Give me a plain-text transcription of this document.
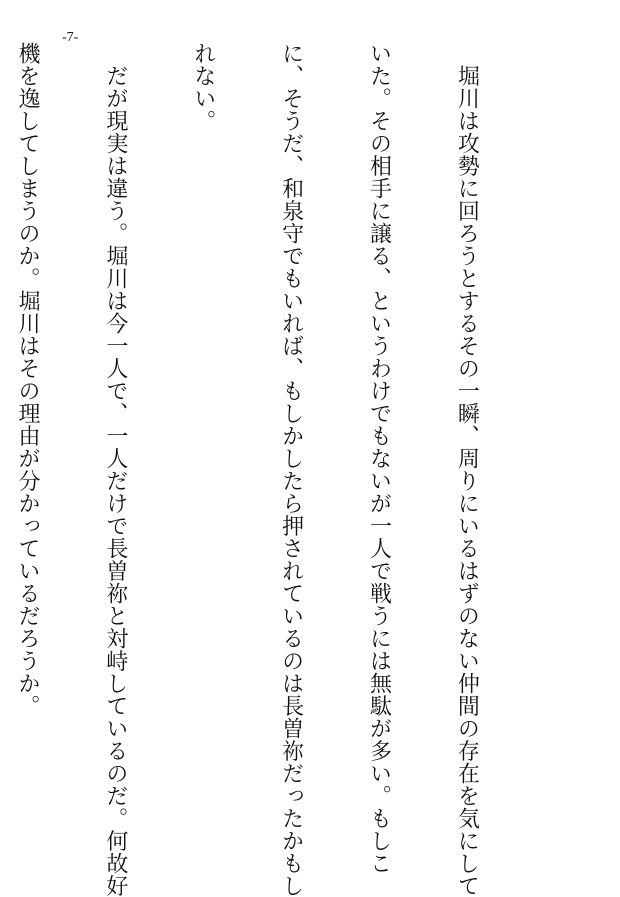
-7-

　堀川は攻勢に回ろうとするその一瞬、周りにいるはずのない仲間の存在を気にして

いた。その相手に譲る、というわけでもないが一人で戦うには無駄が多い。もしこ

に、そうだ、和泉守でもいれば、もしかしたら押されているのは長曽祢だったかもし

れない。

　だが現実は違う。堀川は今一人で、一人だけで長曽祢と対峙しているのだ。何故好

機を逸してしまうのか。堀川はその理由が分かっているだろうか。
